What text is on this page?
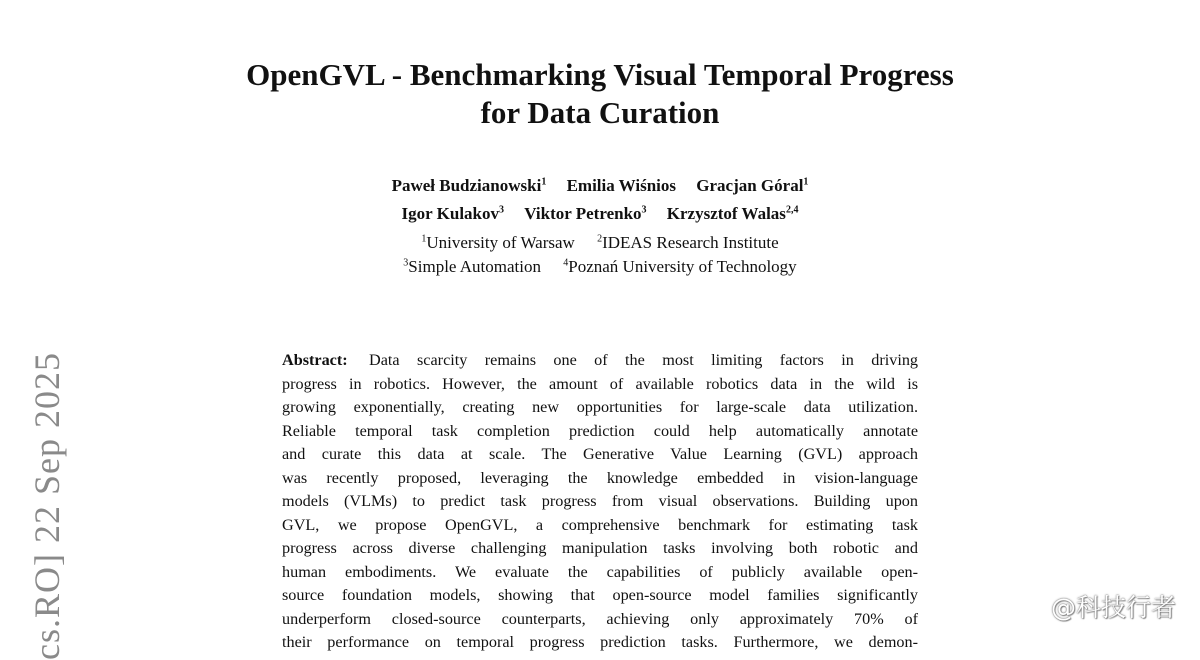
OpenGVL - Benchmarking Visual Temporal Progress
for Data Curation
Paweł Budzianowski$^1$ Emilia Wiśnios Gracjan Góral$^1$
Igor Kulakov$^3$ Viktor Petrenko$^3$ Krzysztof Walas$^{2,4}$
$^1$University of Warsaw $^2$IDEAS Research Institute
$^3$Simple Automation $^4$Poznań University of Technology
Abstract: Data scarcity remains one of the most limiting factors in driving
progress in robotics. However, the amount of available robotics data in the wild is
growing exponentially, creating new opportunities for large-scale data utilization.
Reliable temporal task completion prediction could help automatically annotate
and curate this data at scale. The Generative Value Learning (GVL) approach
was recently proposed, leveraging the knowledge embedded in vision-language
models (VLMs) to predict task progress from visual observations. Building upon
GVL, we propose OpenGVL, a comprehensive benchmark for estimating task
progress across diverse challenging manipulation tasks involving both robotic and
human embodiments. We evaluate the capabilities of publicly available open-
source foundation models, showing that open-source model families significantly
underperform closed-source counterparts, achieving only approximately 70% of
their performance on temporal progress prediction tasks. Furthermore, we demon-
cs.RO] 22 Sep 2025	@科技行者
